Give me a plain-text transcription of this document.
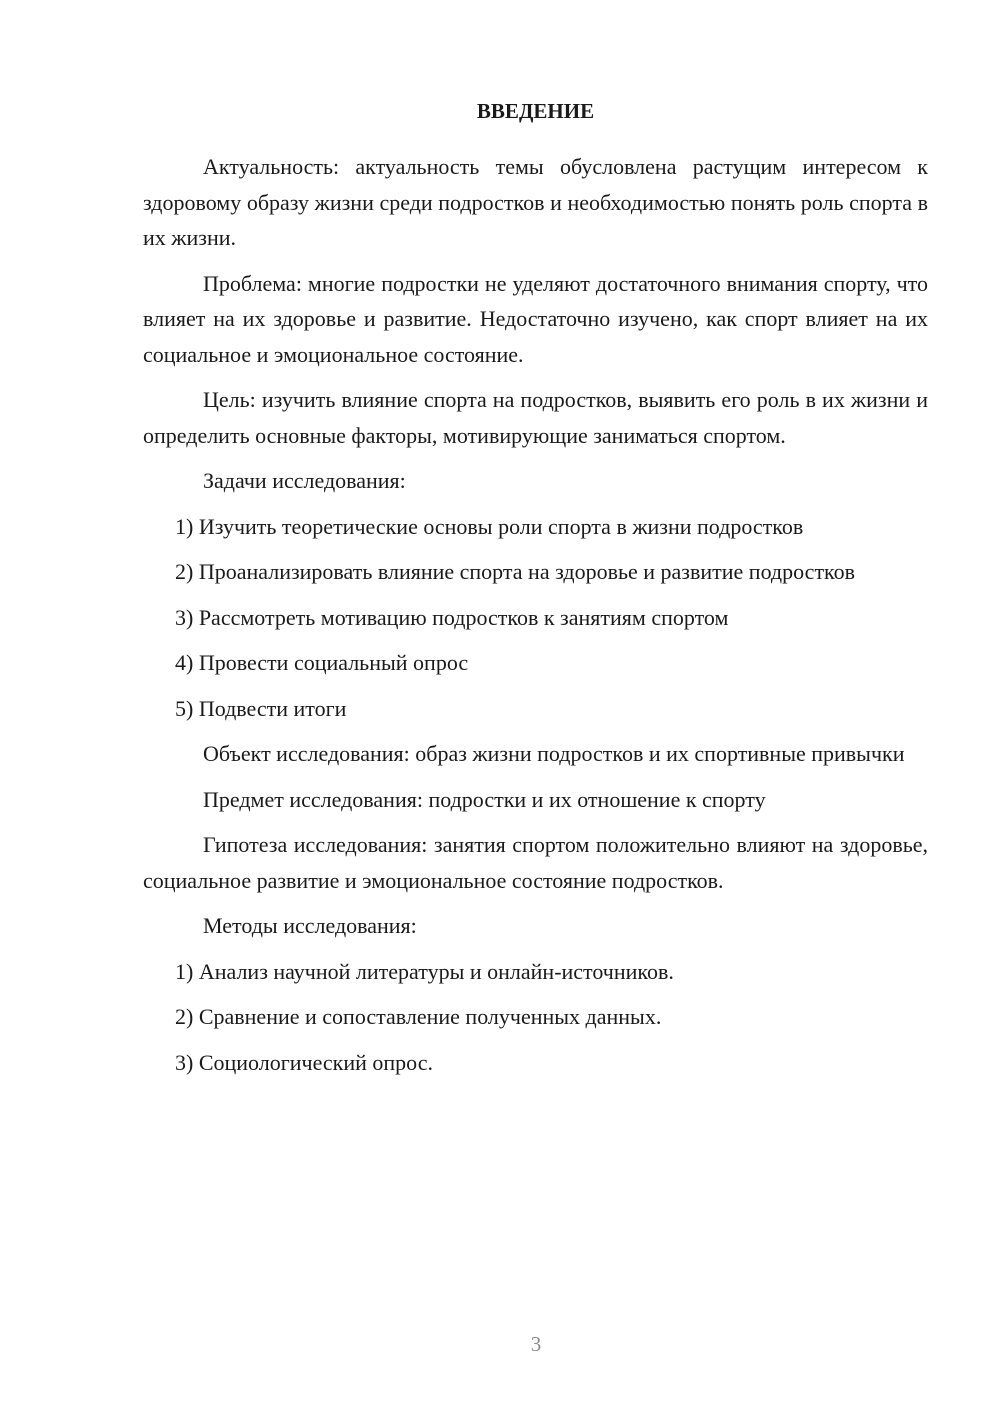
ВВЕДЕНИЕ

Актуальность: актуальность темы обусловлена растущим интересом к здоровому образу жизни среди подростков и необходимостью понять роль спорта в их жизни.

Проблема: многие подростки не уделяют достаточного внимания спорту, что влияет на их здоровье и развитие. Недостаточно изучено, как спорт влияет на их социальное и эмоциональное состояние.

Цель: изучить влияние спорта на подростков, выявить его роль в их жизни и определить основные факторы, мотивирующие заниматься спортом.

Задачи исследования:

1) Изучить теоретические основы роли спорта в жизни подростков

2) Проанализировать влияние спорта на здоровье и развитие подростков

3) Рассмотреть мотивацию подростков к занятиям спортом

4) Провести социальный опрос

5) Подвести итоги

Объект исследования: образ жизни подростков и их спортивные привычки

Предмет исследования: подростки и их отношение к спорту

Гипотеза исследования: занятия спортом положительно влияют на здоровье, социальное развитие и эмоциональное состояние подростков.

Методы исследования:

1) Анализ научной литературы и онлайн-источников.

2) Сравнение и сопоставление полученных данных.

3) Социологический опрос.

3
